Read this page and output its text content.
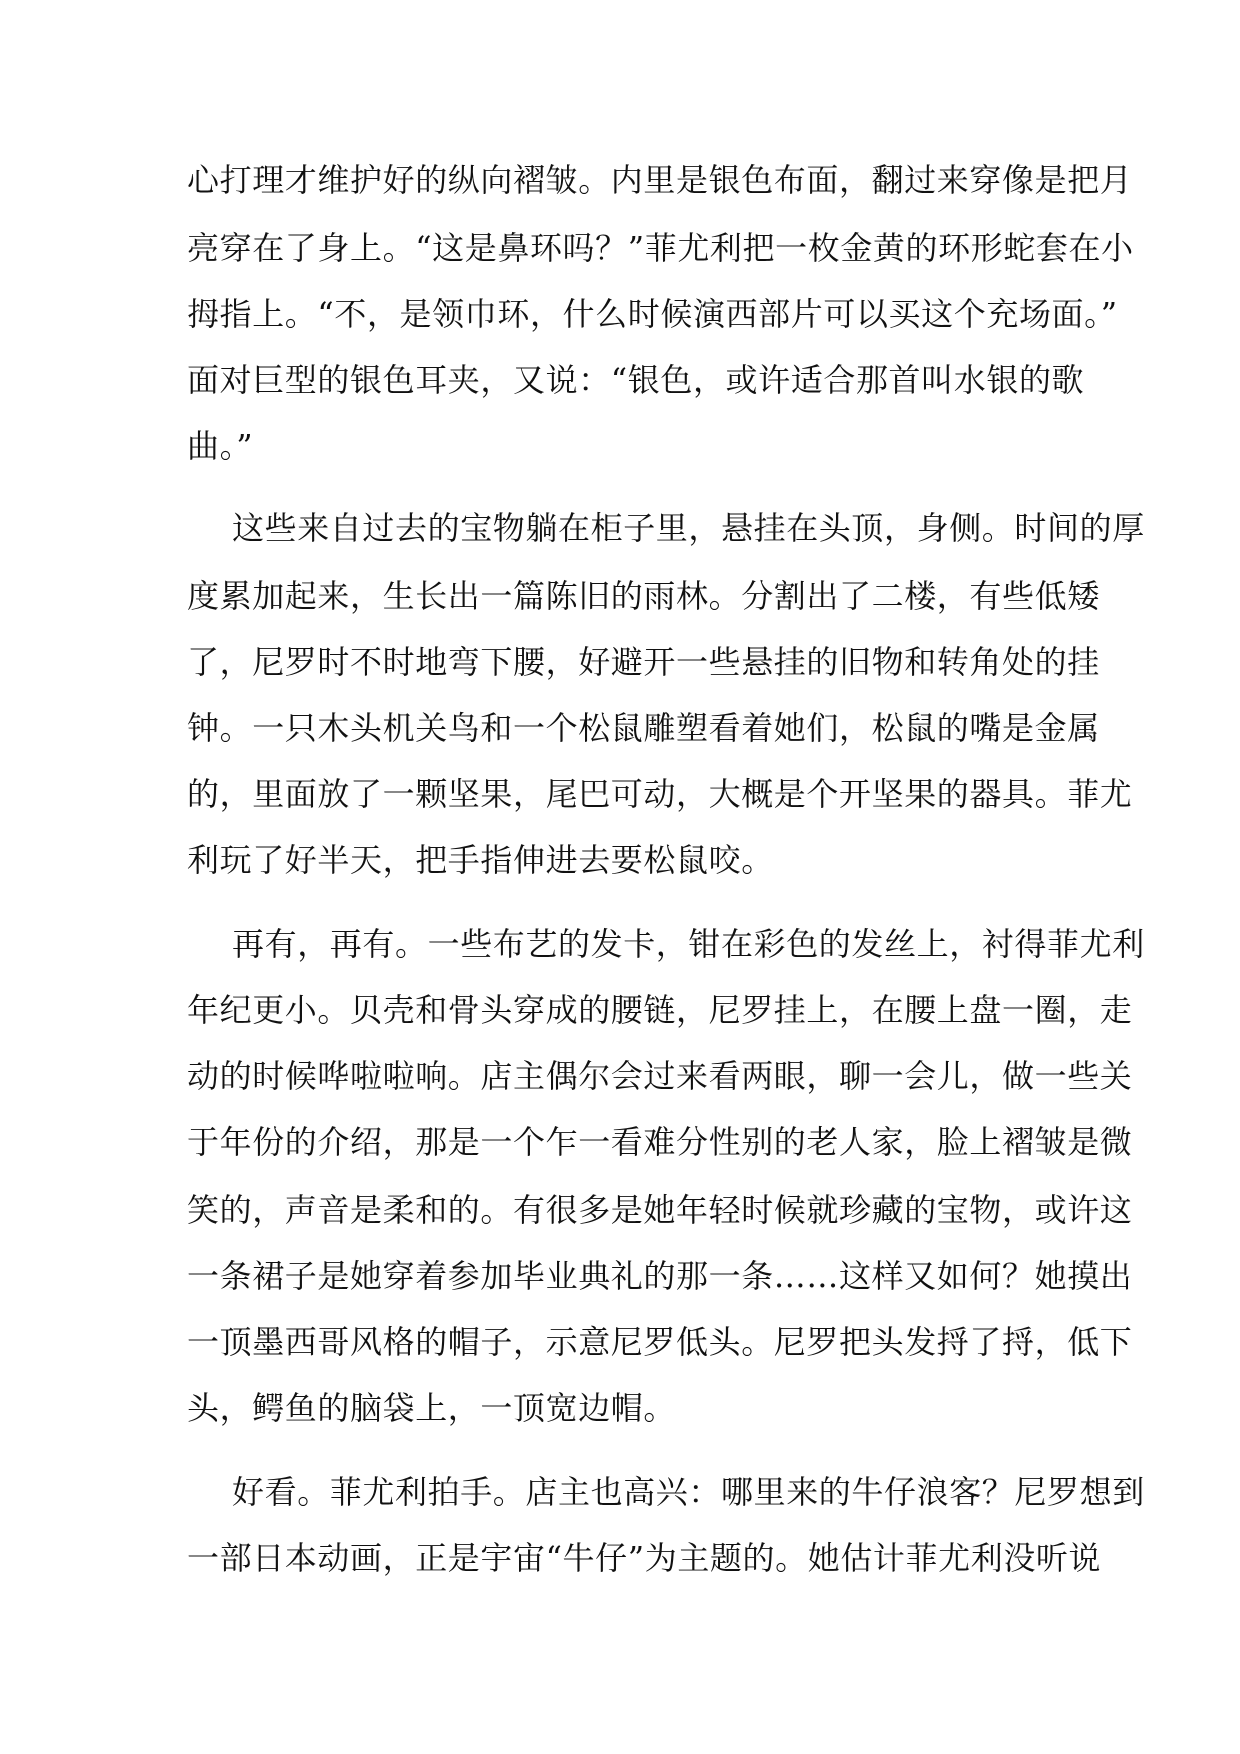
心打理才维护好的纵向褶皱。内里是银色布面，翻过来穿像是把月

亮穿在了身上。“这是鼻环吗？”菲尤利把一枚金黄的环形蛇套在小

拇指上。“不，是领巾环，什么时候演西部片可以买这个充场面。”

面对巨型的银色耳夹，又说：“银色，或许适合那首叫水银的歌

曲。”

这些来自过去的宝物躺在柜子里，悬挂在头顶，身侧。时间的厚

度累加起来，生长出一篇陈旧的雨林。分割出了二楼，有些低矮

了，尼罗时不时地弯下腰，好避开一些悬挂的旧物和转角处的挂

钟。一只木头机关鸟和一个松鼠雕塑看着她们，松鼠的嘴是金属

的，里面放了一颗坚果，尾巴可动，大概是个开坚果的器具。菲尤

利玩了好半天，把手指伸进去要松鼠咬。

再有，再有。一些布艺的发卡，钳在彩色的发丝上，衬得菲尤利

年纪更小。贝壳和骨头穿成的腰链，尼罗挂上，在腰上盘一圈，走

动的时候哗啦啦响。店主偶尔会过来看两眼，聊一会儿，做一些关

于年份的介绍，那是一个乍一看难分性别的老人家，脸上褶皱是微

笑的，声音是柔和的。有很多是她年轻时候就珍藏的宝物，或许这

一条裙子是她穿着参加毕业典礼的那一条……这样又如何？她摸出

一顶墨西哥风格的帽子，示意尼罗低头。尼罗把头发捋了捋，低下

头，鳄鱼的脑袋上，一顶宽边帽。

好看。菲尤利拍手。店主也高兴：哪里来的牛仔浪客？尼罗想到

一部日本动画，正是宇宙“牛仔”为主题的。她估计菲尤利没听说
